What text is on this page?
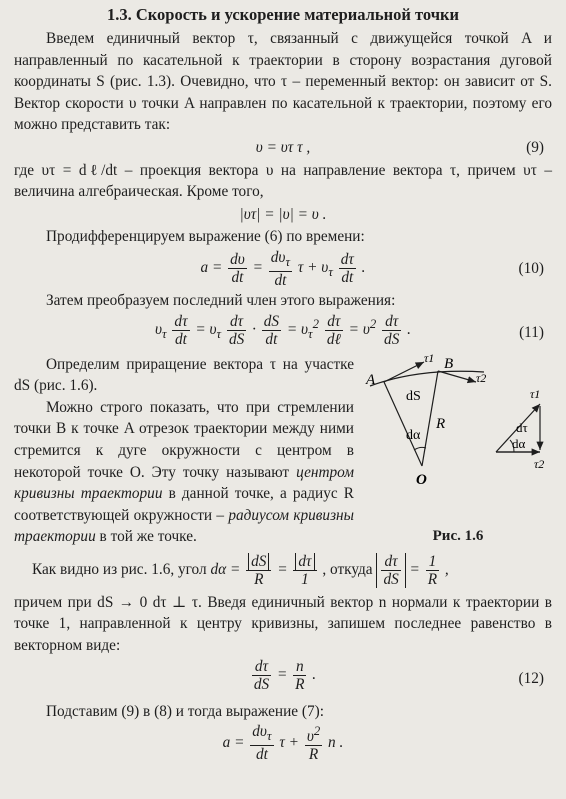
1.3. Скорость и ускорение материальной точки

Введем единичный вектор τ, связанный с движущейся точкой A и направленный по касательной к траектории в сторону возрастания дуговой координаты S (рис. 1.3). Очевидно, что τ – переменный вектор: он зависит от S. Вектор скорости υ точки A направлен по касательной к траектории, поэтому его можно представить так:

υ = υτ τ ,	(9)

где υτ = dℓ/dt – проекция вектора υ на направление вектора τ, причем υτ – величина алгебраическая. Кроме того,

|υτ| = |υ| = υ .

Продифференцируем выражение (6) по времени:

$a = \frac{d\upsilon}{dt} = \frac{d\upsilon_\tau}{dt}$ $\tau + \upsilon_\tau \frac{d\tau}{dt}$ .	(10)

Затем преобразуем последний член этого выражения:

$\upsilon_\tau \frac{d\tau}{dt} = \upsilon_\tau \frac{d\tau}{dS} \cdot \frac{dS}{dt} = \upsilon_\tau^2 \frac{d\tau}{\text{dℓ}} = \upsilon^2 \frac{d\tau}{dS}$ .	(11)

Определим приращение вектора τ на участке dS (рис. 1.6).

Можно строго показать, что при стремлении точки B к точке A отрезок траектории между ними стремится к дуге окружности с центром в некоторой точке O. Эту точку называют центром кривизны траектории в данной точке, а радиус R соответствующей окружности – радиусом кривизны траектории в той же точке.

A
B
dS
R
dα
O
τ1
τ2
τ1
τ2
dτ
dα
Рис. 1.6
Как видно из рис. 1.6, угол $d\alpha = \frac{dS}{R} = \frac{d\tau}{1}$ , откуда $\frac{d\tau}{dS} = \frac{1}{R}$ ,

причем при dS → 0 dτ ⊥ τ. Введя единичный вектор n нормали к траектории в точке 1, направленной к центру кривизны, запишем последнее равенство в векторном виде:

$\frac{d\tau}{dS} = \frac{n}{R}$ .	(12)

Подставим (9) в (8) и тогда выражение (7):

$a = \frac{d\upsilon_\tau}{dt}$ $\tau + \frac{\upsilon^2}{R}$ n .
